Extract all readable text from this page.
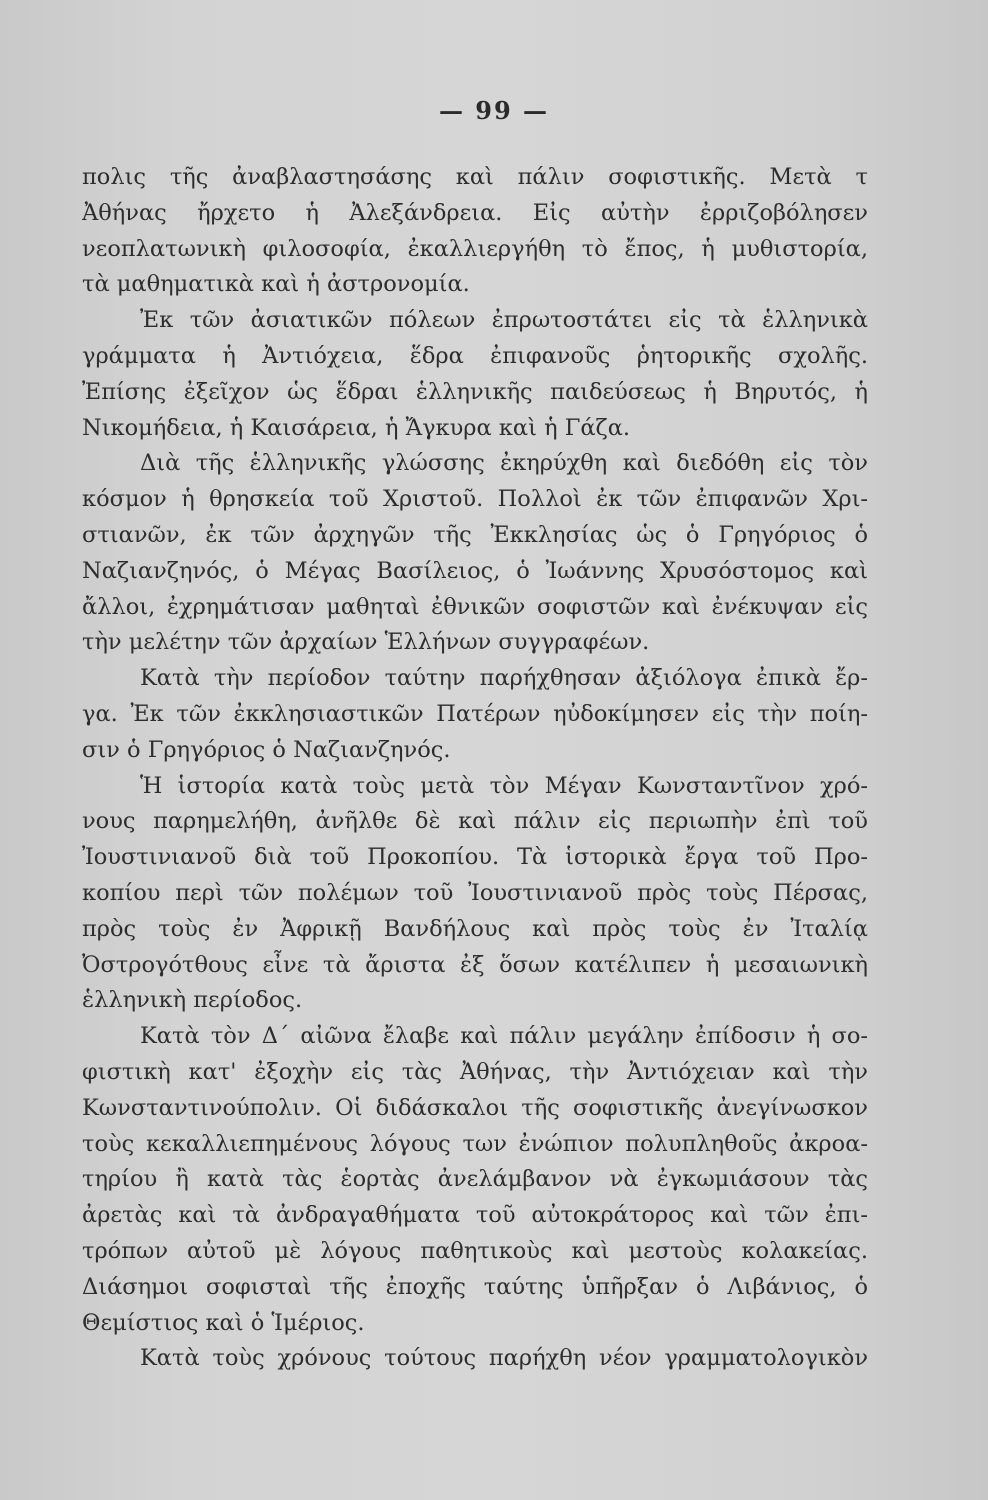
— 99 —
πολις τῆς ἀναβλαστησάσης καὶ πάλιν σοφιστικῆς. Μετὰ τ
Ἀθήνας ἤρχετο ἡ Ἀλεξάνδρεια. Εἰς αὐτὴν ἐρριζοβόλησεν
νεοπλατωνικὴ φιλοσοφία, ἐκαλλιεργήθη τὸ ἔπος, ἡ μυθιστορία,
τὰ μαθηματικὰ καὶ ἡ ἀστρονομία.
Ἐκ τῶν ἀσιατικῶν πόλεων ἐπρωτοστάτει εἰς τὰ ἑλληνικὰ
γράμματα ἡ Ἀντιόχεια, ἕδρα ἐπιφανοῦς ῥητορικῆς σχολῆς.
Ἐπίσης ἐξεῖχον ὡς ἕδραι ἑλληνικῆς παιδεύσεως ἡ Βηρυτός, ἡ
Νικομήδεια, ἡ Καισάρεια, ἡ Ἄγκυρα καὶ ἡ Γάζα.
Διὰ τῆς ἑλληνικῆς γλώσσης ἐκηρύχθη καὶ διεδόθη εἰς τὸν
κόσμον ἡ θρησκεία τοῦ Χριστοῦ. Πολλοὶ ἐκ τῶν ἐπιφανῶν Χρι-
στιανῶν, ἐκ τῶν ἀρχηγῶν τῆς Ἐκκλησίας ὡς ὁ Γρηγόριος ὁ
Ναζιανζηνός, ὁ Μέγας Βασίλειος, ὁ Ἰωάννης Χρυσόστομος καὶ
ἄλλοι, ἐχρημάτισαν μαθηταὶ ἐθνικῶν σοφιστῶν καὶ ἐνέκυψαν εἰς
τὴν μελέτην τῶν ἀρχαίων Ἑλλήνων συγγραφέων.
Κατὰ τὴν περίοδον ταύτην παρήχθησαν ἀξιόλογα ἐπικὰ ἔρ-
γα. Ἐκ τῶν ἐκκλησιαστικῶν Πατέρων ηὐδοκίμησεν εἰς τὴν ποίη-
σιν ὁ Γρηγόριος ὁ Ναζιανζηνός.
Ἡ ἱστορία κατὰ τοὺς μετὰ τὸν Μέγαν Κωνσταντῖνον χρό-
νους παρημελήθη, ἀνῆλθε δὲ καὶ πάλιν εἰς περιωπὴν ἐπὶ τοῦ
Ἰουστινιανοῦ διὰ τοῦ Προκοπίου. Τὰ ἱστορικὰ ἔργα τοῦ Προ-
κοπίου περὶ τῶν πολέμων τοῦ Ἰουστινιανοῦ πρὸς τοὺς Πέρσας,
πρὸς τοὺς ἐν Ἀφρικῇ Βανδήλους καὶ πρὸς τοὺς ἐν Ἰταλίᾳ
Ὀστρογότθους εἶνε τὰ ἄριστα ἐξ ὅσων κατέλιπεν ἡ μεσαιωνικὴ
ἑλληνικὴ περίοδος.
Κατὰ τὸν Δ΄ αἰῶνα ἔλαβε καὶ πάλιν μεγάλην ἐπίδοσιν ἡ σο-
φιστικὴ κατ' ἐξοχὴν εἰς τὰς Ἀθήνας, τὴν Ἀντιόχειαν καὶ τὴν
Κωνσταντινούπολιν. Οἱ διδάσκαλοι τῆς σοφιστικῆς ἀνεγίνωσκον
τοὺς κεκαλλιεπημένους λόγους των ἐνώπιον πολυπληθοῦς ἀκροα-
τηρίου ἢ κατὰ τὰς ἑορτὰς ἀνελάμβανον νὰ ἐγκωμιάσουν τὰς
ἀρετὰς καὶ τὰ ἀνδραγαθήματα τοῦ αὐτοκράτορος καὶ τῶν ἐπι-
τρόπων αὐτοῦ μὲ λόγους παθητικοὺς καὶ μεστοὺς κολακείας.
Διάσημοι σοφισταὶ τῆς ἐποχῆς ταύτης ὑπῆρξαν ὁ Λιβάνιος, ὁ
Θεμίστιος καὶ ὁ Ἱμέριος.
Κατὰ τοὺς χρόνους τούτους παρήχθη νέον γραμματολογικὸν
